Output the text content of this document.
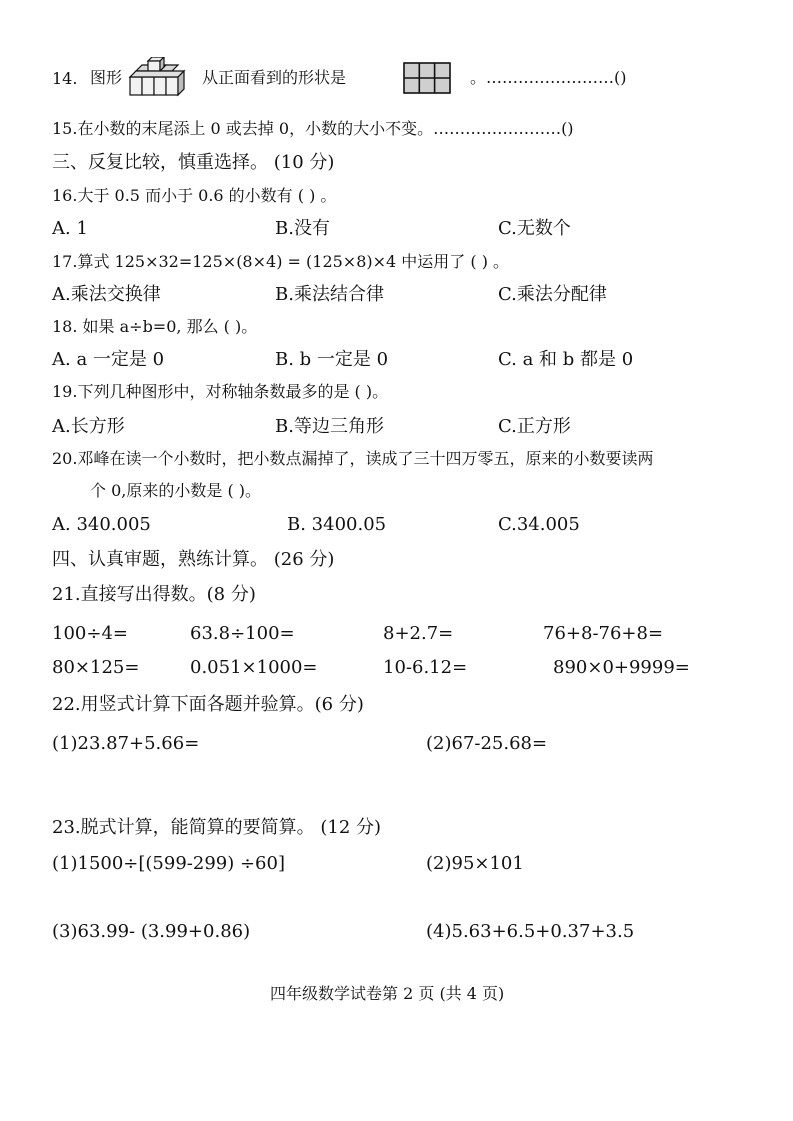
14. 图形	从正面看到的形状是	。……………………()
15.在小数的末尾添上 0 或去掉 0，小数的大小不变。……………………()
三、反复比较，慎重选择。 (10 分)
16.大于 0.5 而小于 0.6 的小数有 ( ) 。
A. 1	B.没有	C.无数个
17.算式 125×32=125×(8×4) = (125×8)×4 中运用了 ( ) 。
A.乘法交换律	B.乘法结合律	C.乘法分配律
18. 如果 a÷b=0, 那么 ( )。
A. a 一定是 0	B. b 一定是 0	C. a 和 b 都是 0
19.下列几种图形中，对称轴条数最多的是 ( )。
A.长方形	B.等边三角形	C.正方形
20.邓峰在读一个小数时，把小数点漏掉了，读成了三十四万零五，原来的小数要读两
个 0,原来的小数是 ( )。
A. 340.005	B. 3400.05	C.34.005
四、认真审题，熟练计算。 (26 分)
21.直接写出得数。(8 分)
100÷4=	63.8÷100=	8+2.7=	76+8-76+8=
80×125=	0.051×1000=	10-6.12=	890×0+9999=
22.用竖式计算下面各题并验算。(6 分)
(1)23.87+5.66=	(2)67-25.68=
23.脱式计算，能简算的要简算。 (12 分)
(1)1500÷[(599-299) ÷60]	(2)95×101
(3)63.99- (3.99+0.86)	(4)5.63+6.5+0.37+3.5
四年级数学试卷第 2 页 (共 4 页)
